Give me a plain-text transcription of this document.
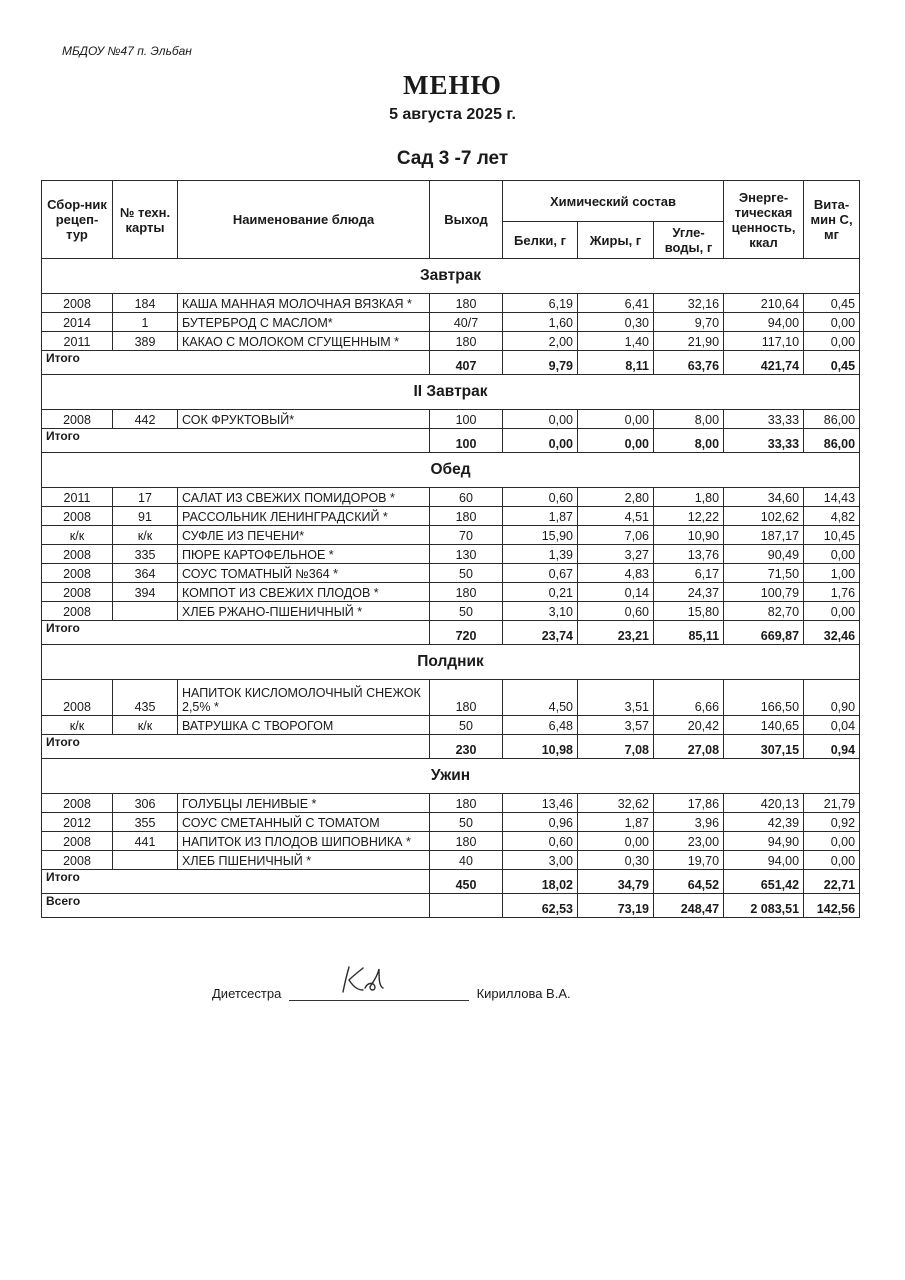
МБДОУ №47 п. Эльбан
МЕНЮ
5 августа 2025 г.
Сад 3 -7 лет
Сбор-ник рецеп-тур	№ техн. карты	Наименование блюда	Выход	Химический состав			Энерге-тическая ценность, ккал	Вита-мин С, мг
				Белки, г	Жиры, г	Угле-воды, г		
Завтрак								
2008	184	КАША МАННАЯ МОЛОЧНАЯ ВЯЗКАЯ *	180	6,19	6,41	32,16	210,64	0,45
2014	1	БУТЕРБРОД С МАСЛОМ*	40/7	1,60	0,30	9,70	94,00	0,00
2011	389	КАКАО С МОЛОКОМ СГУЩЕННЫМ *	180	2,00	1,40	21,90	117,10	0,00
Итого			407	9,79	8,11	63,76	421,74	0,45
II Завтрак								
2008	442	СОК ФРУКТОВЫЙ*	100	0,00	0,00	8,00	33,33	86,00
Итого			100	0,00	0,00	8,00	33,33	86,00
Обед								
2011	17	САЛАТ ИЗ СВЕЖИХ ПОМИДОРОВ *	60	0,60	2,80	1,80	34,60	14,43
2008	91	РАССОЛЬНИК ЛЕНИНГРАДСКИЙ *	180	1,87	4,51	12,22	102,62	4,82
к/к	к/к	СУФЛЕ ИЗ ПЕЧЕНИ*	70	15,90	7,06	10,90	187,17	10,45
2008	335	ПЮРЕ КАРТОФЕЛЬНОЕ *	130	1,39	3,27	13,76	90,49	0,00
2008	364	СОУС ТОМАТНЫЙ №364 *	50	0,67	4,83	6,17	71,50	1,00
2008	394	КОМПОТ ИЗ СВЕЖИХ ПЛОДОВ *	180	0,21	0,14	24,37	100,79	1,76
2008		ХЛЕБ РЖАНО-ПШЕНИЧНЫЙ *	50	3,10	0,60	15,80	82,70	0,00
Итого			720	23,74	23,21	85,11	669,87	32,46
Полдник								
2008	435	НАПИТОК КИСЛОМОЛОЧНЫЙ СНЕЖОК 2,5% *	180	4,50	3,51	6,66	166,50	0,90
к/к	к/к	ВАТРУШКА С ТВОРОГОМ	50	6,48	3,57	20,42	140,65	0,04
Итого			230	10,98	7,08	27,08	307,15	0,94
Ужин								
2008	306	ГОЛУБЦЫ ЛЕНИВЫЕ *	180	13,46	32,62	17,86	420,13	21,79
2012	355	СОУС СМЕТАННЫЙ С ТОМАТОМ	50	0,96	1,87	3,96	42,39	0,92
2008	441	НАПИТОК ИЗ ПЛОДОВ ШИПОВНИКА *	180	0,60	0,00	23,00	94,90	0,00
2008		ХЛЕБ ПШЕНИЧНЫЙ *	40	3,00	0,30	19,70	94,00	0,00
Итого			450	18,02	34,79	64,52	651,42	22,71
Всего				62,53	73,19	248,47	2 083,51	142,56
Диетсестра	Кириллова В.А.
